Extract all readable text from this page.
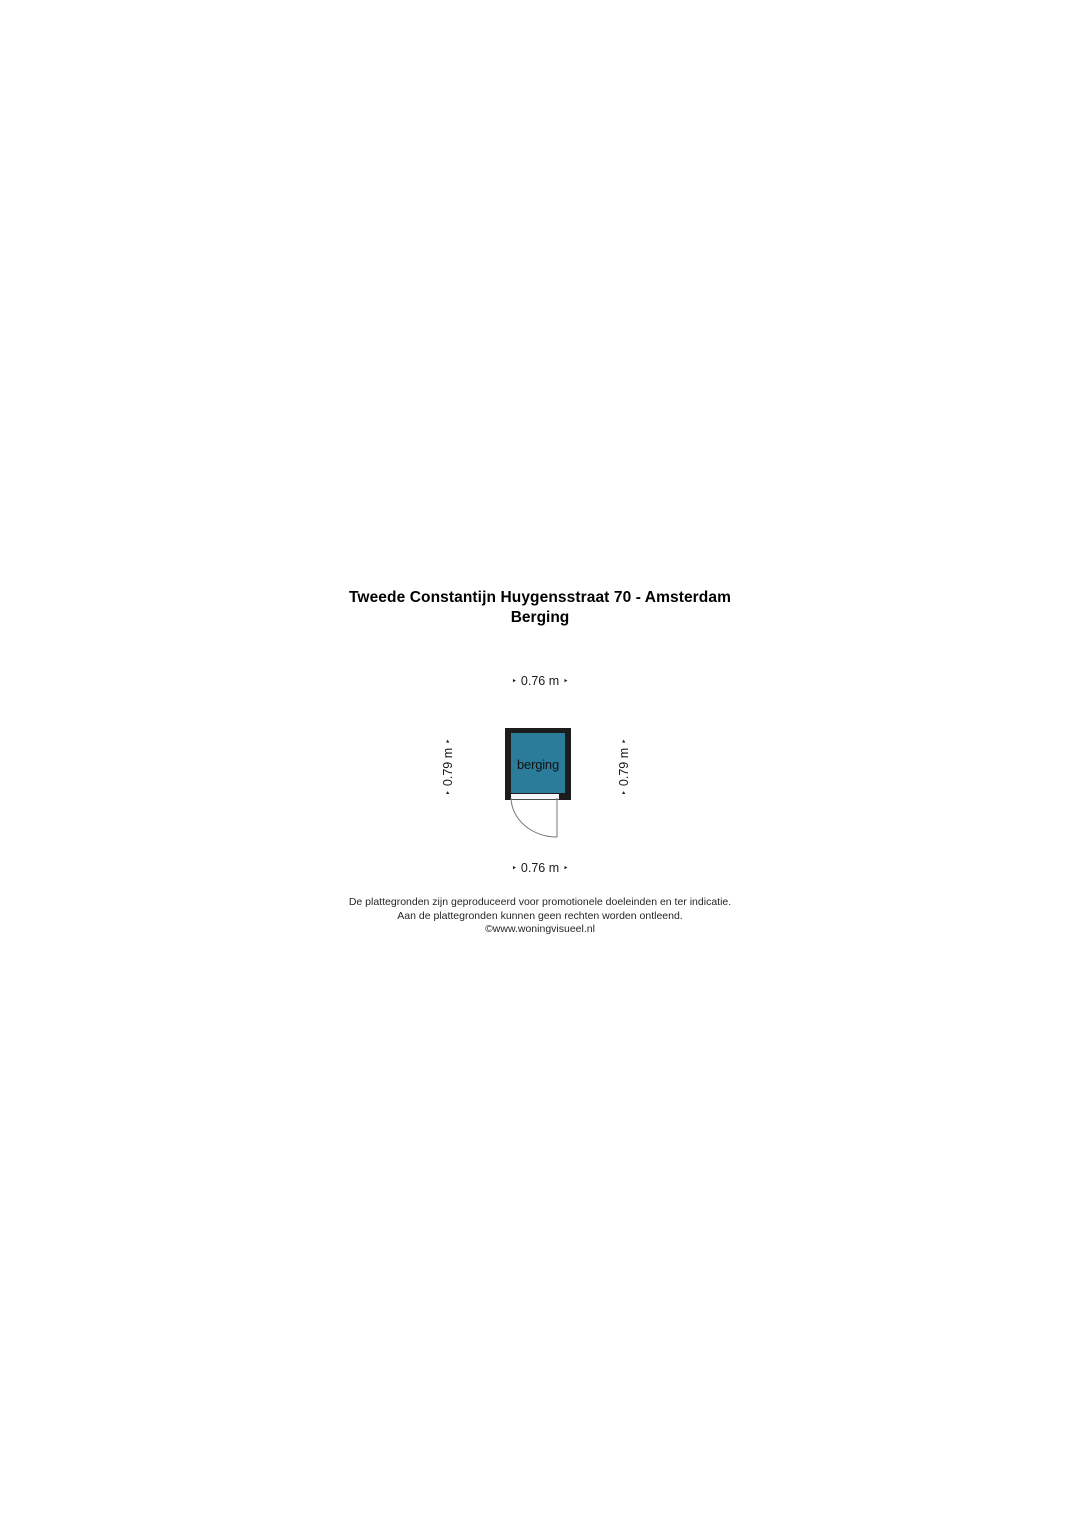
Tweede Constantijn Huygensstraat 70 - Amsterdam
Berging
‣ 0.76 m ‣
‣
0.79 m
‣
‣
0.79 m
‣
berging
‣ 0.76 m ‣
De plattegronden zijn geproduceerd voor promotionele doeleinden en ter indicatie.
Aan de plattegronden kunnen geen rechten worden ontleend.
©www.woningvisueel.nl
